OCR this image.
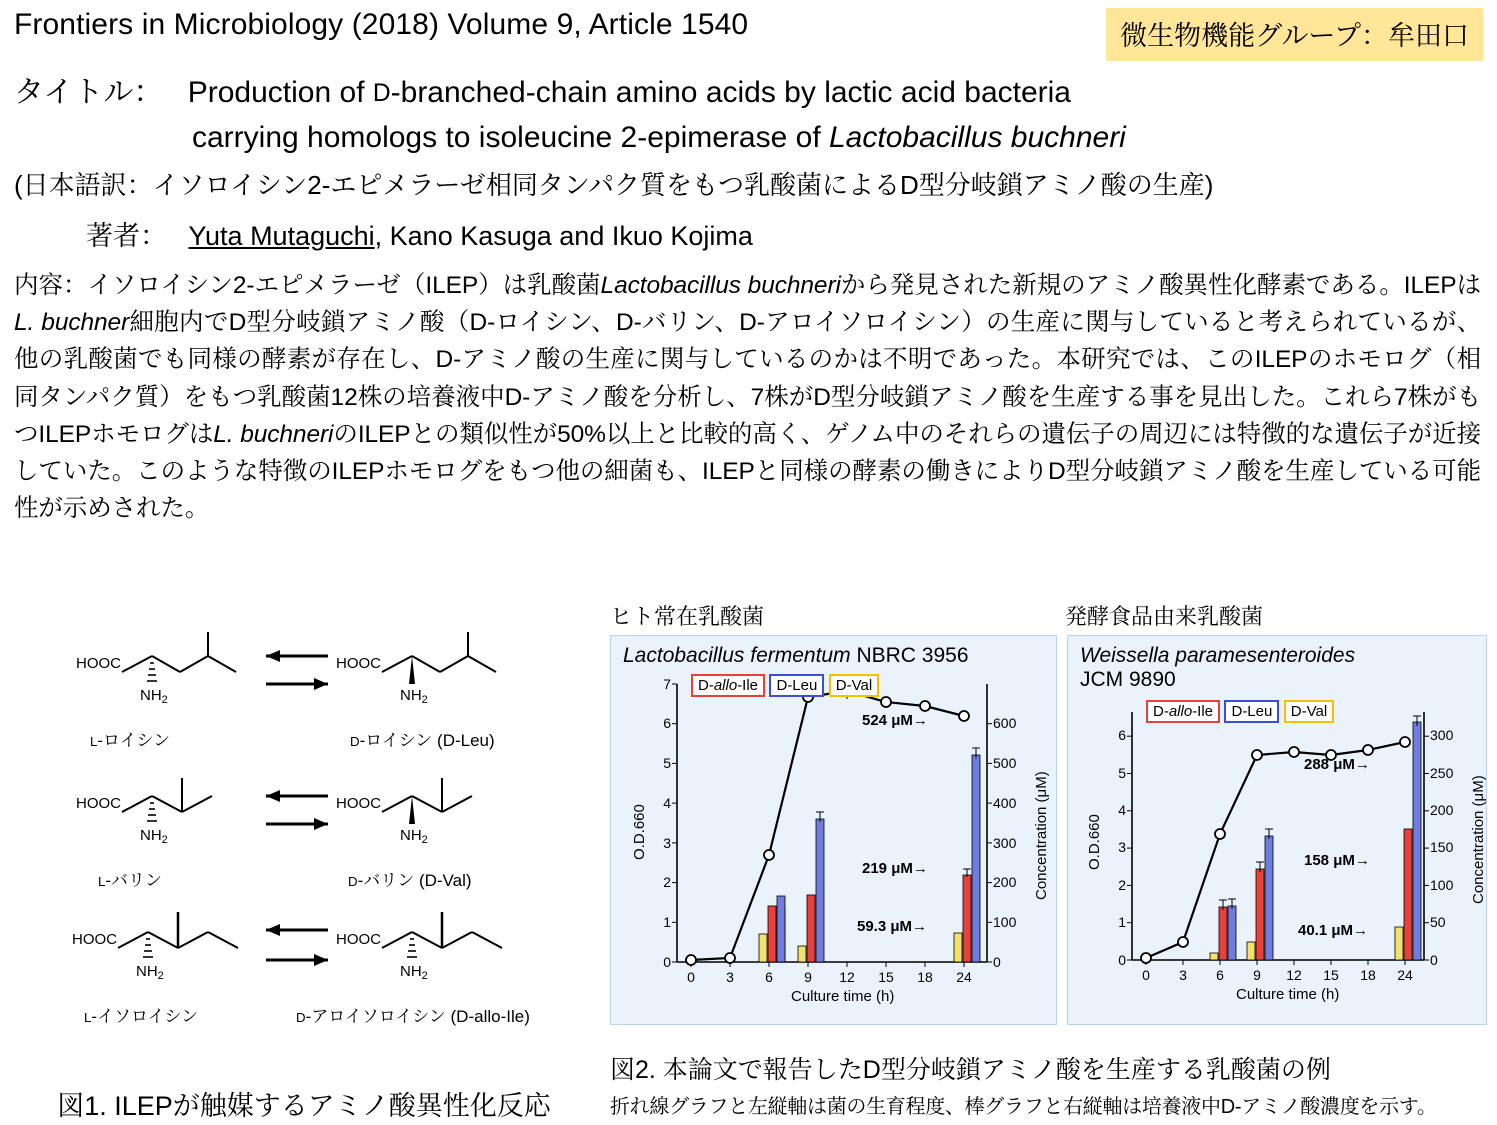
Frontiers in Microbiology (2018) Volume 9, Article 1540	微生物機能グループ：牟田口
タイトル： Production of D-branched-chain amino acids by lactic acid bacteria
carrying homologs to isoleucine 2-epimerase of Lactobacillus buchneri
(日本語訳：イソロイシン2-エピメラーゼ相同タンパク質をもつ乳酸菌によるD型分岐鎖アミノ酸の生産)
著者： Yuta Mutaguchi, Kano Kasuga and Ikuo Kojima
内容：イソロイシン2-エピメラーゼ（ILEP）は乳酸菌Lactobacillus buchneriから発見された新規のアミノ酸異性化酵素である。ILEPはL. buchner細胞内でD型分岐鎖アミノ酸（D-ロイシン、D-バリン、D-アロイソロイシン）の生産に関与していると考えられているが、他の乳酸菌でも同様の酵素が存在し、D-アミノ酸の生産に関与しているのかは不明であった。本研究では、このILEPのホモログ（相同タンパク質）をもつ乳酸菌12株の培養液中D-アミノ酸を分析し、7株がD型分岐鎖アミノ酸を生産する事を見出した。これら7株がもつILEPホモログはL. buchneriのILEPとの類似性が50%以上と比較的高く、ゲノム中のそれらの遺伝子の周辺には特徴的な遺伝子が近接していた。このような特徴のILEPホモログをもつ他の細菌も、ILEPと同様の酵素の働きによりD型分岐鎖アミノ酸を生産している可能性が示めされた。
HOOC
$NH_2$
HOOC
$NH_2$
L-ロイシン	D-ロイシン (D-Leu)
HOOC
$NH_2$
HOOC
$NH_2$
L-バリン	D-バリン (D-Val)
HOOC
$NH_2$
HOOC
$NH_2$
L-イソロイシン	D-アロイソロイシン (D-allo-Ile)
図1. ILEPが触媒するアミノ酸異性化反応
ヒト常在乳酸菌	発酵食品由来乳酸菌
Lactobacillus fermentum NBRC 3956
0
1
2
3
4
5
6
7
0
100
200
300
400
500
600
0 3 6 9 12 15 18 24
D-allo-Ile D-Leu D-Val
524 μM→
219 μM→
59.3 μM→
O.D.660	Concentration (μM)
Culture time (h)
Weissella paramesenteroides
JCM 9890
0
1
2
3
4
5
6
0
50
100
150
200
250
300
0 3 6 9 12 15 18 24
D-allo-Ile D-Leu D-Val
288 μM→
158 μM→
40.1 μM→
O.D.660	Concentration (μM)
Culture time (h)
図2. 本論文で報告したD型分岐鎖アミノ酸を生産する乳酸菌の例
折れ線グラフと左縦軸は菌の生育程度、棒グラフと右縦軸は培養液中D-アミノ酸濃度を示す。
